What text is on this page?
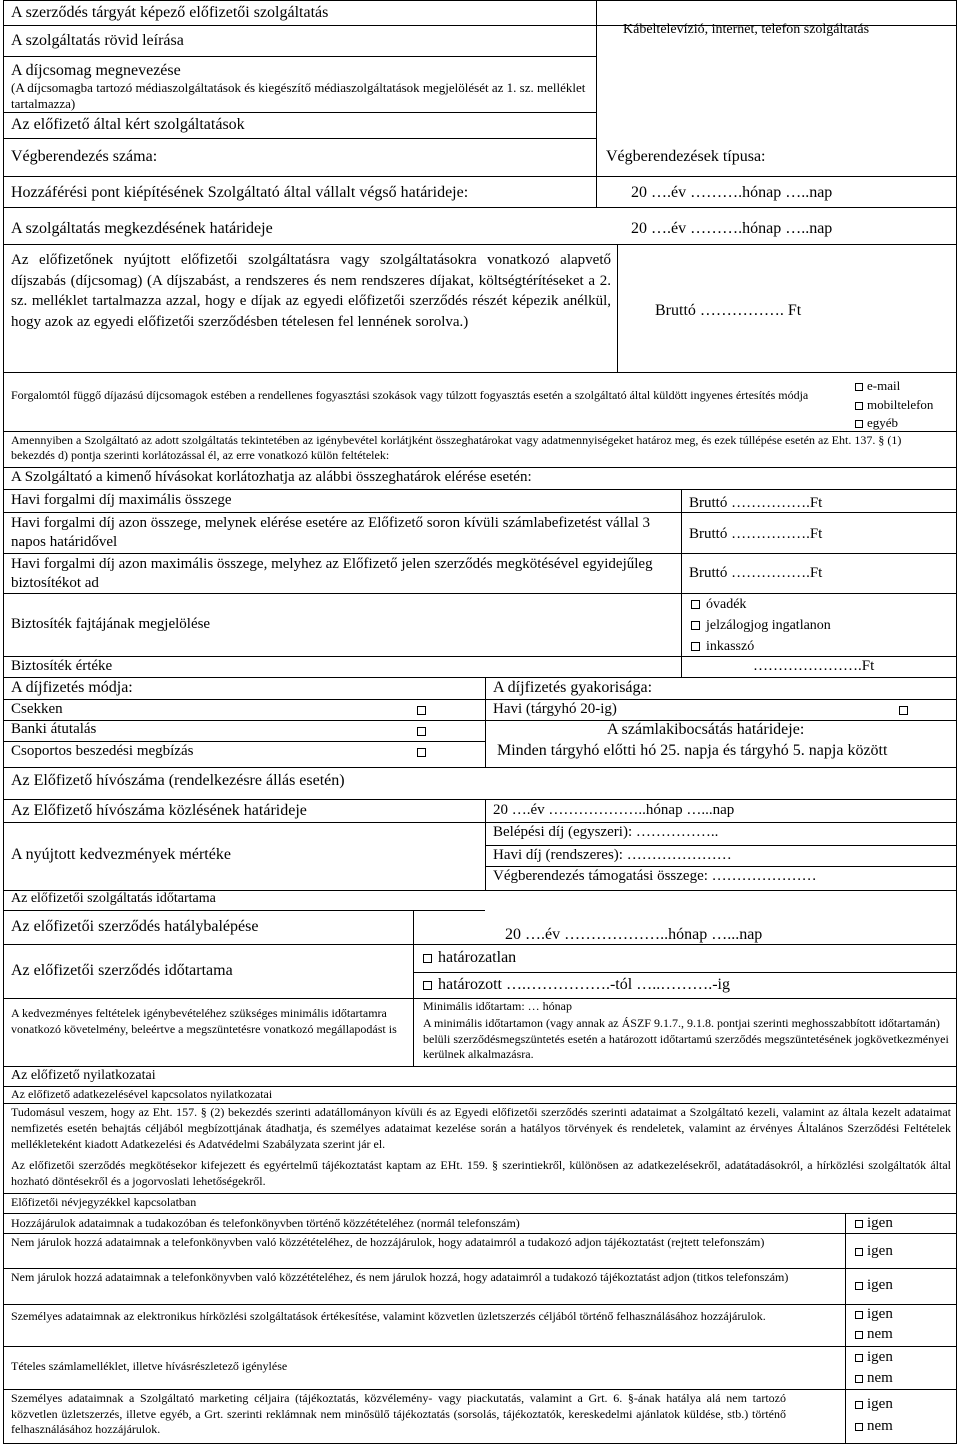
A szerződés tárgyát képező előfizetői szolgáltatás
A szolgáltatás rövid leírása
Kábeltelevízió, internet, telefon szolgáltatás
A díjcsomag megnevezése
(A díjcsomagba tartozó médiaszolgáltatások és kiegészítő médiaszolgáltatások megjelölését az 1. sz. melléklet tartalmazza)
Az előfizető által kért szolgáltatások
Végberendezés száma:	Végberendezések típusa:
Hozzáférési pont kiépítésének Szolgáltató által vállalt végső határideje:	20 ….év ……….hónap …..nap
A szolgáltatás megkezdésének határideje	20 ….év ……….hónap …..nap
Az előfizetőnek nyújtott előfizetői szolgáltatásra vagy szolgáltatásokra vonatkozó alapvető díjszabás (díjcsomag) (A díjszabást, a rendszeres és nem rendszeres díjakat, költségtérítéseket a 2. sz. melléklet tartalmazza azzal, hogy e díjak az egyedi előfizetői szerződés részét képezik anélkül, hogy azok az egyedi előfizetői szerződésben tételesen fel lennének sorolva.)
Bruttó ……………. Ft
Forgalomtól függő díjazású díjcsomagok estében a rendellenes fogyasztási szokások vagy túlzott fogyasztás esetén a szolgáltató által küldött ingyenes értesítés módja
e-mail
mobiltelefon
egyéb
Amennyiben a Szolgáltató az adott szolgáltatás tekintetében az igénybevétel korlátjként összeghatárokat vagy adatmennyiségeket határoz meg, és ezek túllépése esetén az Eht. 137. § (1) bekezdés d) pontja szerinti korlátozással él, az erre vonatkozó külön feltételek:
A Szolgáltató a kimenő hívásokat korlátozhatja az alábbi összeghatárok elérése esetén:
Havi forgalmi díj maximális összege	Bruttó …………….Ft
Havi forgalmi díj azon összege, melynek elérése esetére az Előfizető soron kívüli számlabefizetést vállal 3 napos határidővel	Bruttó …………….Ft
Havi forgalmi díj azon maximális összege, melyhez az Előfizető jelen szerződés megkötésével egyidejűleg biztosítékot ad
Bruttó …………….Ft
Biztosíték fajtájának megjelölése
óvadék
jelzálogjog ingatlanon
inkasszó
Biztosíték értéke	………………….Ft
A díjfizetés módja:	A díjfizetés gyakorisága:
Csekken	Havi (tárgyhó 20-ig)
Banki átutalás	A számlakibocsátás határideje:
Csoportos beszedési megbízás	Minden tárgyhó előtti hó 25. napja és tárgyhó 5. napja között
Az Előfizető hívószáma (rendelkezésre állás esetén)
Az Előfizető hívószáma közlésének határideje	20 ….év ………………..hónap …...nap
A nyújtott kedvezmények mértéke
Belépési díj (egyszeri): ……………..
Havi díj (rendszeres): …………………
Végberendezés támogatási összege: …………………
Az előfizetői szolgáltatás időtartama
Az előfizetői szerződés hatálybalépése	20 ….év ………………..hónap …...nap
Az előfizetői szerződés időtartama
határozatlan
határozott ….…………….-tól …..……….-ig
A kedvezményes feltételek igénybevételéhez szükséges minimális időtartamra vonatkozó követelmény, beleértve a megszüntetésre vonatkozó megállapodást is
Minimális időtartam: … hónap
A minimális időtartamon (vagy annak az ÁSZF 9.1.7., 9.1.8. pontjai szerinti meghosszabbított időtartamán) belüli szerződésmegszüntetés esetén a határozott időtartamú szerződés megszüntetésének jogkövetkezményei kerülnek alkalmazásra.
Az előfizető nyilatkozatai
Az előfizető adatkezelésével kapcsolatos nyilatkozatai
Tudomásul veszem, hogy az Eht. 157. § (2) bekezdés szerinti adatállományon kívüli és az Egyedi előfizetői szerződés szerinti adataimat a Szolgáltató kezeli, valamint az általa kezelt adataimat nemfizetés esetén behajtás céljából megbízottjának átadhatja, és személyes adataimat kezelése során a hatályos törvények és rendeletek, valamint az érvényes Általános Szerződési Feltételek mellékleteként kiadott Adatkezelési és Adatvédelmi Szabályzata szerint jár el.
Az előfizetői szerződés megkötésekor kifejezett és egyértelmű tájékoztatást kaptam az EHt. 159. § szerintiekről, különösen az adatkezelésekről, adatátadásokról, a hírközlési szolgáltatók által hozható döntésekről és a jogorvoslati lehetőségekről.
Előfizetői névjegyzékkel kapcsolatban
Hozzájárulok adataimnak a tudakozóban és telefonkönyvben történő közzétételéhez (normál telefonszám)	igen
Nem járulok hozzá adataimnak a telefonkönyvben való közzétételéhez, de hozzájárulok, hogy adataimról a tudakozó adjon tájékoztatást (rejtett telefonszám)
igen
Nem járulok hozzá adataimnak a telefonkönyvben való közzétételéhez, és nem járulok hozzá, hogy adataimról a tudakozó tájékoztatást adjon (titkos telefonszám)	igen
Személyes adataimnak az elektronikus hírközlési szolgáltatások értékesítése, valamint közvetlen üzletszerzés céljából történő felhasználásához hozzájárulok.	igen
nem
Tételes számlamelléklet, illetve hívásrészletező igénylése
igen
nem
Személyes adataimnak a Szolgáltató marketing céljaira (tájékoztatás, közvélemény- vagy piackutatás, valamint a Grt. 6. §-ának hatálya alá nem tartozó közvetlen üzletszerzés, illetve egyéb, a Grt. szerinti reklámnak nem minősülő tájékoztatás (sorsolás, tájékoztatók, kereskedelmi ajánlatok küldése, stb.) történő felhasználásához hozzájárulok.
igen
nem
